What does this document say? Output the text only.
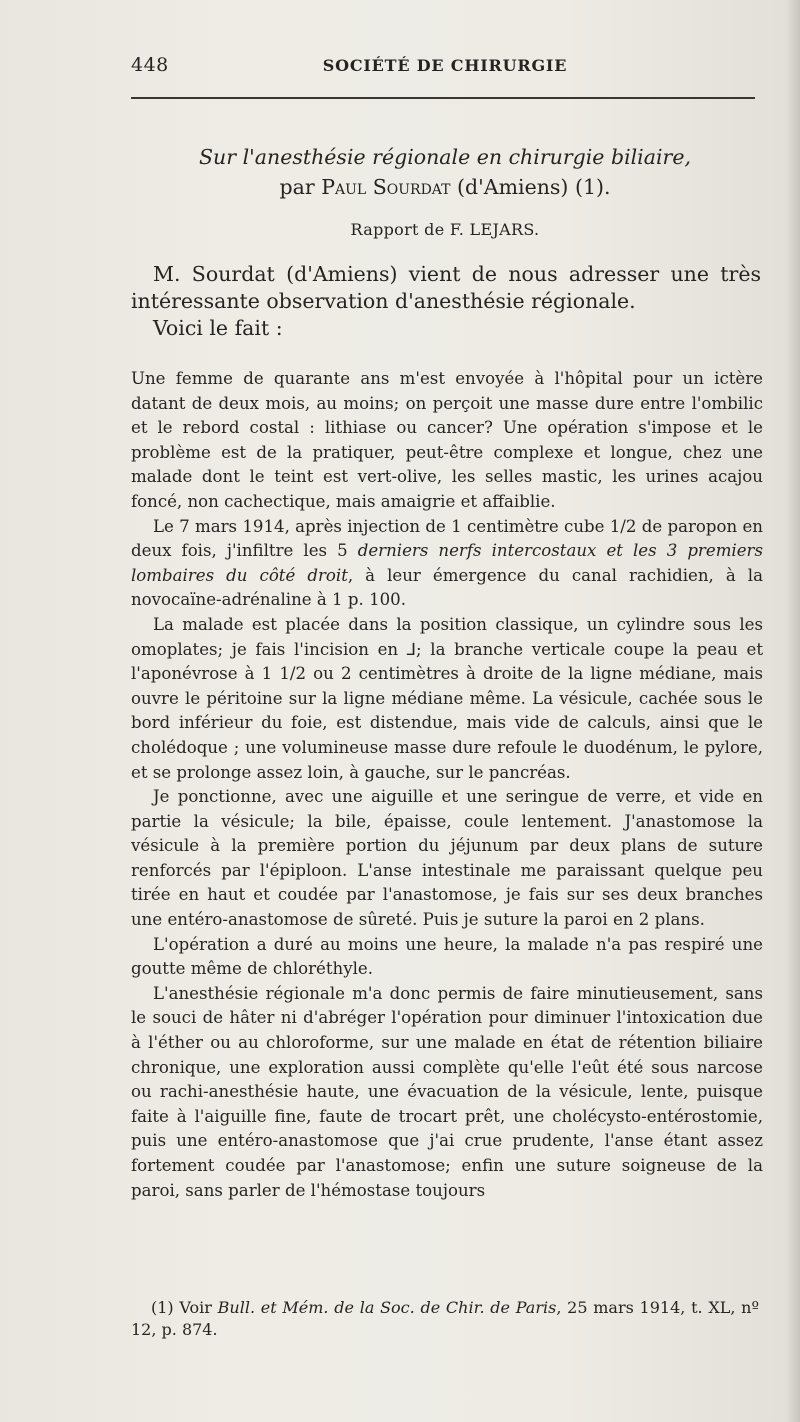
448	SOCIÉTÉ DE CHIRURGIE
Sur l'anesthésie régionale en chirurgie biliaire,
par Paul Sourdat (d'Amiens) (1).
Rapport de F. LEJARS.

M. Sourdat (d'Amiens) vient de nous adresser une très intéressante observation d'anesthésie régionale.

Voici le fait :

Une femme de quarante ans m'est envoyée à l'hôpital pour un ictère datant de deux mois, au moins; on perçoit une masse dure entre l'ombilic et le rebord costal : lithiase ou cancer? Une opération s'impose et le problème est de la pratiquer, peut-être complexe et longue, chez une malade dont le teint est vert-olive, les selles mastic, les urines acajou foncé, non cachectique, mais amaigrie et affaiblie.

Le 7 mars 1914, après injection de 1 centimètre cube 1/2 de paropon en deux fois, j'infiltre les 5 derniers nerfs intercostaux et les 3 premiers lombaires du côté droit, à leur émergence du canal rachidien, à la novocaïne-adrénaline à 1 p. 100.

La malade est placée dans la position classique, un cylindre sous les omoplates; je fais l'incision en ⅃; la branche verticale coupe la peau et l'aponévrose à 1 1/2 ou 2 centimètres à droite de la ligne médiane, mais ouvre le péritoine sur la ligne médiane même. La vésicule, cachée sous le bord inférieur du foie, est distendue, mais vide de calculs, ainsi que le cholédoque ; une volumineuse masse dure refoule le duodénum, le pylore, et se prolonge assez loin, à gauche, sur le pancréas.

Je ponctionne, avec une aiguille et une seringue de verre, et vide en partie la vésicule; la bile, épaisse, coule lentement. J'anastomose la vésicule à la première portion du jéjunum par deux plans de suture renforcés par l'épiploon. L'anse intestinale me paraissant quelque peu tirée en haut et coudée par l'anastomose, je fais sur ses deux branches une entéro-anastomose de sûreté. Puis je suture la paroi en 2 plans.

L'opération a duré au moins une heure, la malade n'a pas respiré une goutte même de chloréthyle.

L'anesthésie régionale m'a donc permis de faire minutieusement, sans le souci de hâter ni d'abréger l'opération pour diminuer l'intoxication due à l'éther ou au chloroforme, sur une malade en état de rétention biliaire chronique, une exploration aussi complète qu'elle l'eût été sous narcose ou rachi-anesthésie haute, une évacuation de la vésicule, lente, puisque faite à l'aiguille fine, faute de trocart prêt, une cholécysto-entérostomie, puis une entéro-anastomose que j'ai crue prudente, l'anse étant assez fortement coudée par l'anastomose; enfin une suture soigneuse de la paroi, sans parler de l'hémostase toujours

(1) Voir Bull. et Mém. de la Soc. de Chir. de Paris, 25 mars 1914, t. XL, nº 12, p. 874.
